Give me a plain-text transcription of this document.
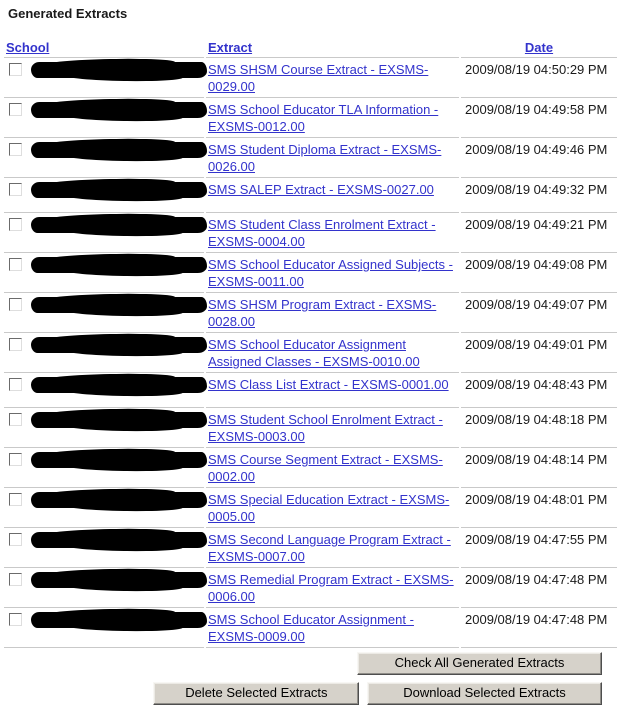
Generated Extracts
School	Extract	Date
	SMS SHSM Course Extract - EXSMS-0029.00	2009/08/19 04:50:29 PM
	SMS School Educator TLA Information - EXSMS-0012.00	2009/08/19 04:49:58 PM
	SMS Student Diploma Extract - EXSMS-0026.00	2009/08/19 04:49:46 PM
	SMS SALEP Extract - EXSMS-0027.00	2009/08/19 04:49:32 PM
	SMS Student Class Enrolment Extract - EXSMS-0004.00	2009/08/19 04:49:21 PM
	SMS School Educator Assigned Subjects - EXSMS-0011.00	2009/08/19 04:49:08 PM
	SMS SHSM Program Extract - EXSMS-0028.00	2009/08/19 04:49:07 PM
	SMS School Educator Assignment Assigned Classes - EXSMS-0010.00	2009/08/19 04:49:01 PM
	SMS Class List Extract - EXSMS-0001.00	2009/08/19 04:48:43 PM
	SMS Student School Enrolment Extract - EXSMS-0003.00	2009/08/19 04:48:18 PM
	SMS Course Segment Extract - EXSMS-0002.00	2009/08/19 04:48:14 PM
	SMS Special Education Extract - EXSMS-0005.00	2009/08/19 04:48:01 PM
	SMS Second Language Program Extract - EXSMS-0007.00	2009/08/19 04:47:55 PM
	SMS Remedial Program Extract - EXSMS-0006.00	2009/08/19 04:47:48 PM
	SMS School Educator Assignment - EXSMS-0009.00	2009/08/19 04:47:48 PM
Check All Generated Extracts
Delete Selected Extracts	Download Selected Extracts
